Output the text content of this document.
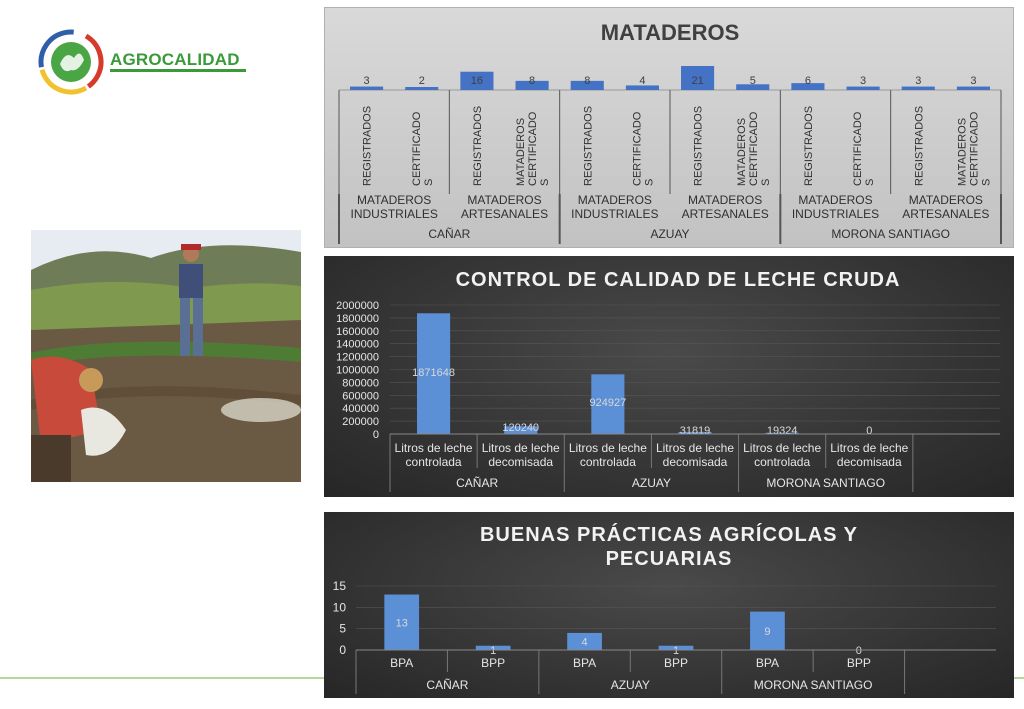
AGROCALIDAD
MATADEROS
3
REGISTRADOS
2
CERTIFICADO S
16
REGISTRADOS
8
MATADEROS CERTIFICADO S
8
REGISTRADOS
4
CERTIFICADO S
21
REGISTRADOS
5
MATADEROS CERTIFICADO S
6
REGISTRADOS
3
CERTIFICADO S
3
REGISTRADOS
3
MATADEROS CERTIFICADO S
MATADEROS
INDUSTRIALES
MATADEROS
ARTESANALES
MATADEROS
INDUSTRIALES
MATADEROS
ARTESANALES
MATADEROS
INDUSTRIALES
MATADEROS
ARTESANALES
CAÑAR	AZUAY	MORONA SANTIAGO
CONTROL DE CALIDAD DE LECHE CRUDA
0
200000
400000
600000
800000
1000000
1200000
1400000
1600000
1800000
2000000
1871648
Litros de leche
controlada
120240
Litros de leche
decomisada
924927
Litros de leche
controlada
31819
Litros de leche
decomisada
19324
Litros de leche
controlada
0
Litros de leche
decomisada
CAÑAR	AZUAY	MORONA SANTIAGO
BUENAS PRÁCTICAS AGRÍCOLAS Y PECUARIAS
0
5
10
15
13
BPA
1
BPP
4
BPA
1
BPP
9
BPA
0
BPP
CAÑAR	AZUAY	MORONA SANTIAGO
